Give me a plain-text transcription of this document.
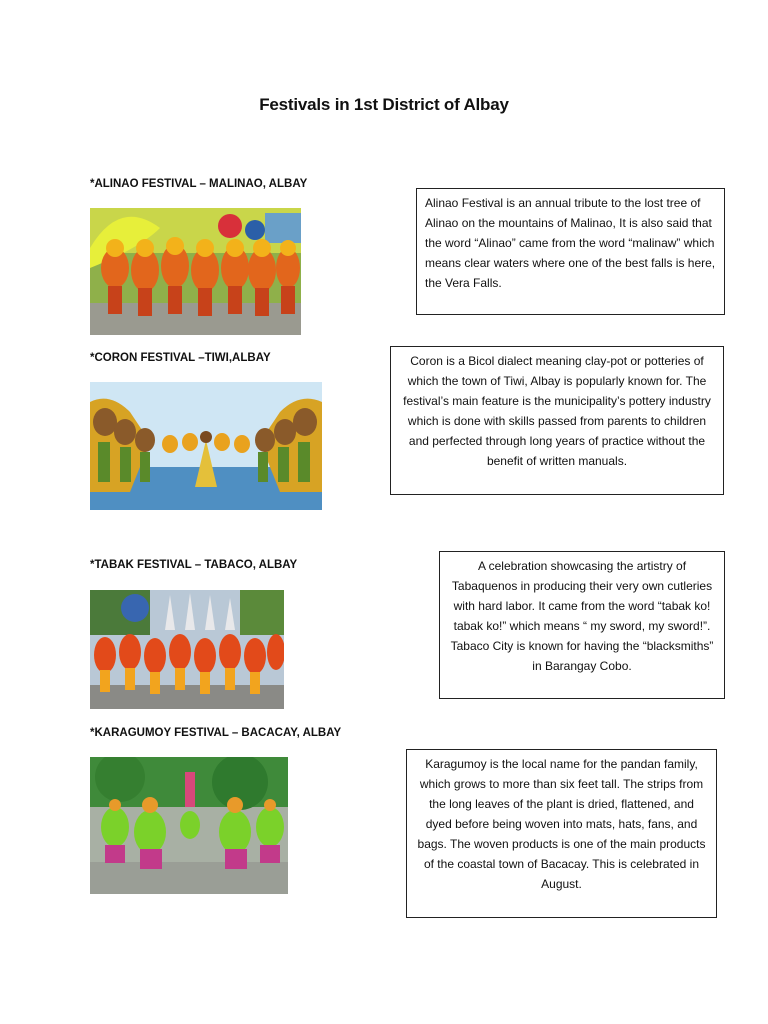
Festivals in 1st District of Albay
*ALINAO FESTIVAL – MALINAO, ALBAY
Alinao Festival is an annual tribute to the lost tree of Alinao on the mountains of Malinao, It is also said that the word “Alinao” came from the word “malinaw” which means clear waters where one of the best falls is here, the Vera Falls.
*CORON FESTIVAL –TIWI,ALBAY	Coron is a Bicol dialect meaning clay-pot or potteries of which the town of Tiwi, Albay is popularly known for. The festival’s main feature is the municipality’s pottery industry which is done with skills passed from parents to children and perfected through long years of practice without the benefit of written manuals.
*TABAK FESTIVAL – TABACO, ALBAY	A celebration showcasing the artistry of Tabaquenos in producing their very own cutleries with hard labor. It came from the word “tabak ko! tabak ko!” which means “ my sword, my sword!”. Tabaco City is known for having the “blacksmiths” in Barangay Cobo.
*KARAGUMOY FESTIVAL – BACACAY, ALBAY
Karagumoy is the local name for the pandan family, which grows to more than six feet tall. The strips from the long leaves of the plant is dried, flattened, and dyed before being woven into mats, hats, fans, and bags. The woven products is one of the main products of the coastal town of Bacacay. This is celebrated in August.
